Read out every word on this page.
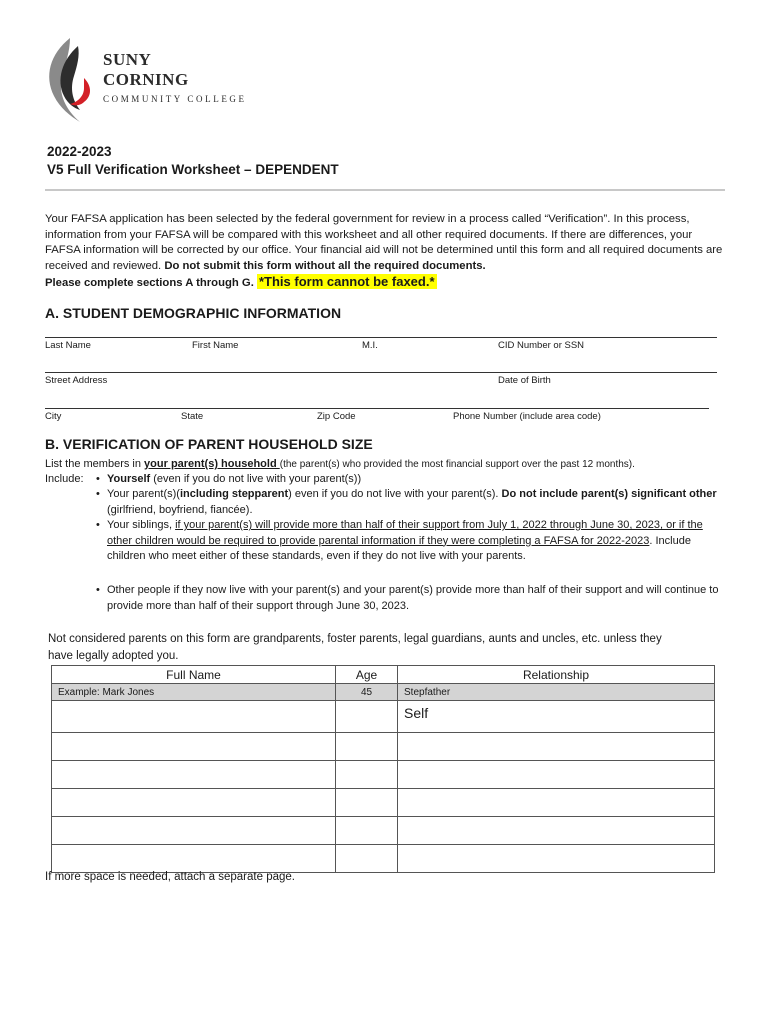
SUNY
CORNING
COMMUNITY COLLEGE
2022-2023
V5 Full Verification Worksheet – DEPENDENT
Your FAFSA application has been selected by the federal government for review in a process called “Verification”. In this process, information from your FAFSA will be compared with this worksheet and all other required documents. If there are differences, your FAFSA information will be corrected by our office. Your financial aid will not be determined until this form and all required documents are received and reviewed. Do not submit this form without all the required documents.
Please complete sections A through G. *This form cannot be faxed.*
A. STUDENT DEMOGRAPHIC INFORMATION
Last Name	First Name	M.I.	CID Number or SSN
Street Address	Date of Birth
City	State	Zip Code	Phone Number (include area code)
B. VERIFICATION OF PARENT HOUSEHOLD SIZE
List the members in your parent(s) household (the parent(s) who provided the most financial support over the past 12 months).
Include: • Yourself (even if you do not live with your parent(s))
• Your parent(s)(including stepparent) even if you do not live with your parent(s). Do not include parent(s) significant other (girlfriend, boyfriend, fiancée).
• Your siblings, if your parent(s) will provide more than half of their support from July 1, 2022 through June 30, 2023, or if the other children would be required to provide parental information if they were completing a FAFSA for 2022-2023. Include children who meet either of these standards, even if they do not live with your parents.
• Other people if they now live with your parent(s) and your parent(s) provide more than half of their support and will continue to provide more than half of their support through June 30, 2023.
Not considered parents on this form are grandparents, foster parents, legal guardians, aunts and uncles, etc. unless they have legally adopted you.
Full Name	Age	Relationship
Example: Mark Jones	45	Stepfather
		Self

If more space is needed, attach a separate page.
